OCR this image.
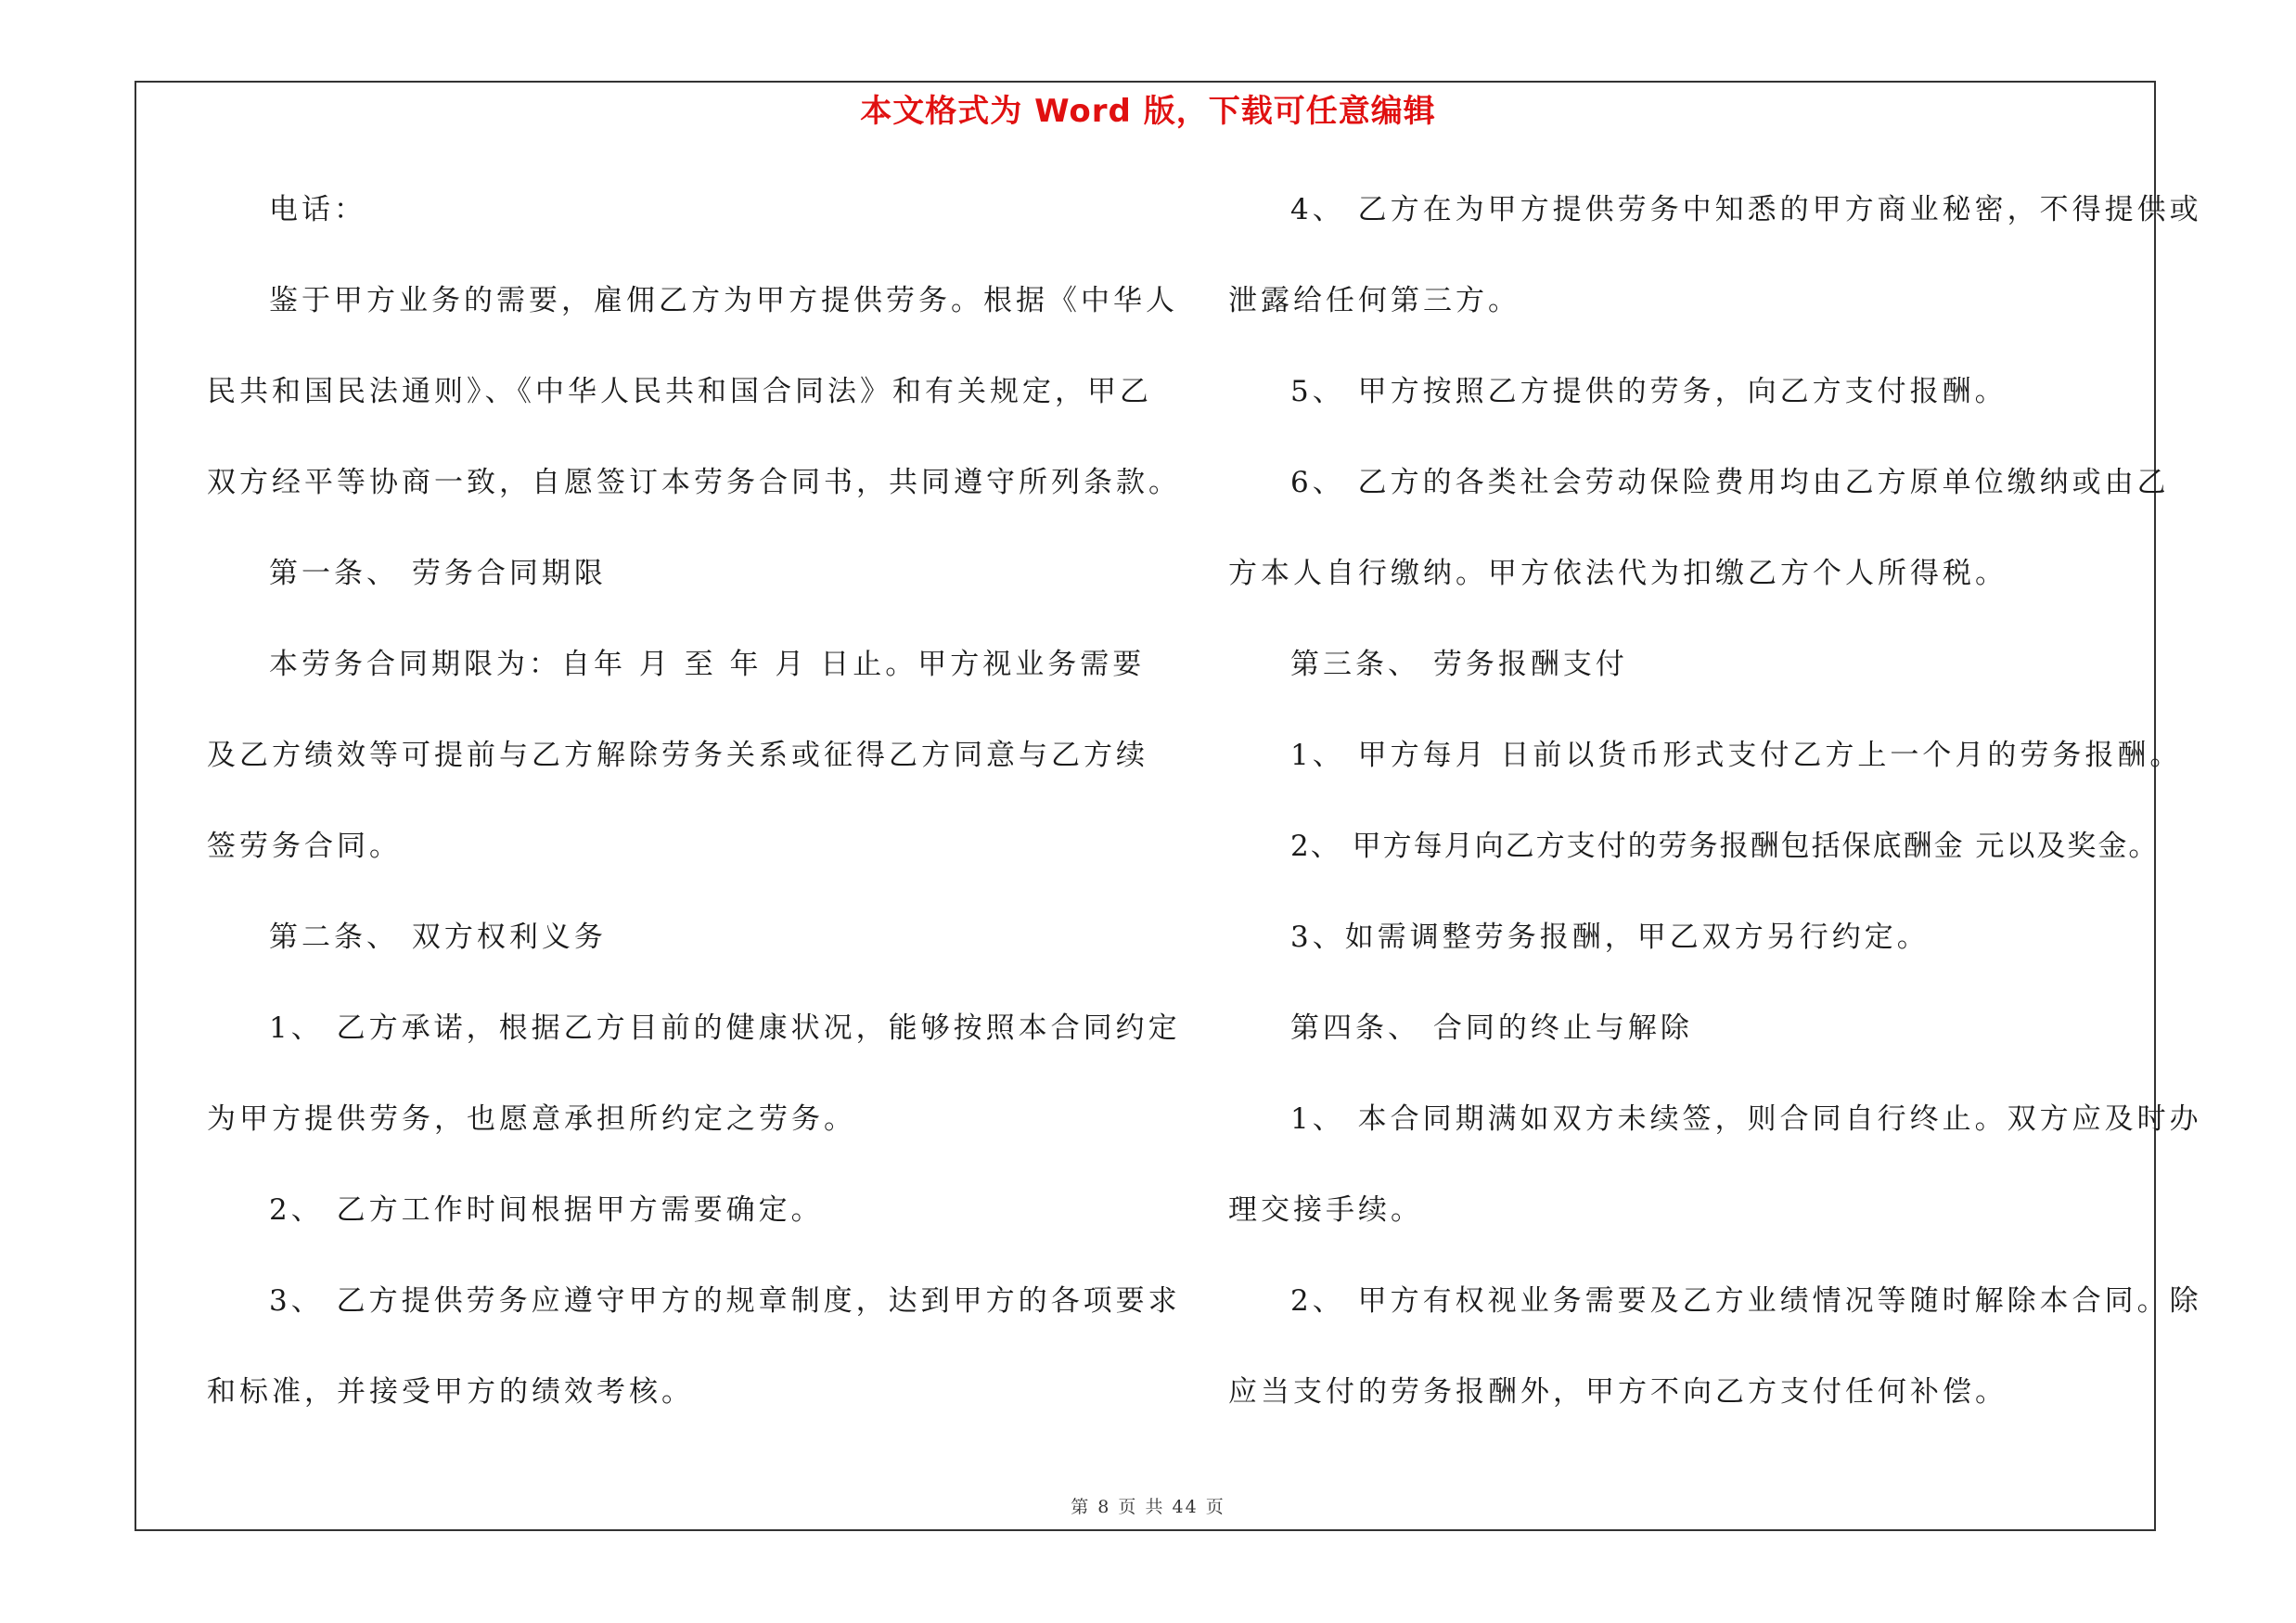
本文格式为 Word 版，下载可任意编辑
电话：
鉴于甲方业务的需要，雇佣乙方为甲方提供劳务。根据《中华人
民共和国民法通则》、《中华人民共和国合同法》和有关规定，甲乙
双方经平等协商一致，自愿签订本劳务合同书，共同遵守所列条款。
第一条、 劳务合同期限
本劳务合同期限为：自年 月 至 年 月 日止。甲方视业务需要
及乙方绩效等可提前与乙方解除劳务关系或征得乙方同意与乙方续
签劳务合同。
第二条、 双方权利义务
1、 乙方承诺，根据乙方目前的健康状况，能够按照本合同约定
为甲方提供劳务，也愿意承担所约定之劳务。
2、 乙方工作时间根据甲方需要确定。
3、 乙方提供劳务应遵守甲方的规章制度，达到甲方的各项要求
和标准，并接受甲方的绩效考核。
4、 乙方在为甲方提供劳务中知悉的甲方商业秘密，不得提供或
泄露给任何第三方。
5、 甲方按照乙方提供的劳务，向乙方支付报酬。
6、 乙方的各类社会劳动保险费用均由乙方原单位缴纳或由乙
方本人自行缴纳。甲方依法代为扣缴乙方个人所得税。
第三条、 劳务报酬支付
1、 甲方每月 日前以货币形式支付乙方上一个月的劳务报酬。
2、 甲方每月向乙方支付的劳务报酬包括保底酬金 元以及奖金。
3、如需调整劳务报酬，甲乙双方另行约定。
第四条、 合同的终止与解除
1、 本合同期满如双方未续签，则合同自行终止。双方应及时办
理交接手续。
2、 甲方有权视业务需要及乙方业绩情况等随时解除本合同。除
应当支付的劳务报酬外，甲方不向乙方支付任何补偿。
第 8 页 共 44 页
